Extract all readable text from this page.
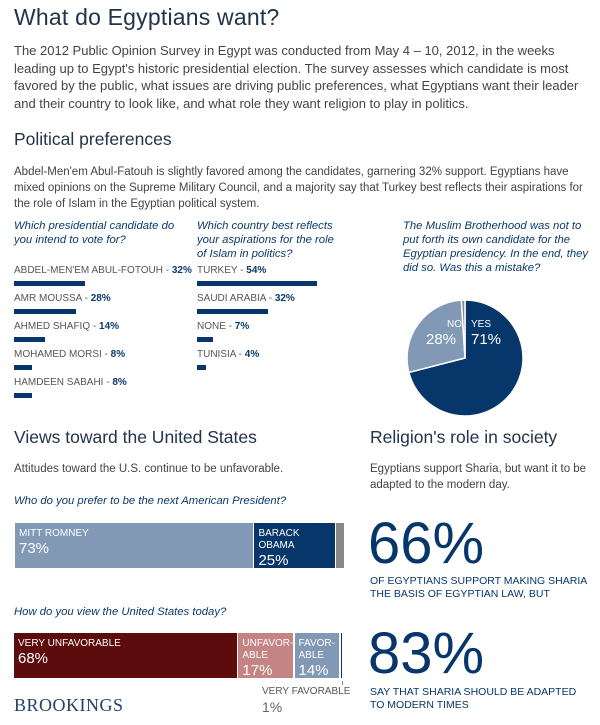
What do Egyptians want?

The 2012 Public Opinion Survey in Egypt was conducted from May 4 – 10, 2012, in the weeks leading up to Egypt's historic presidential election. The survey assesses which candidate is most favored by the public, what issues are driving public preferences, what Egyptians want their leader and their country to look like, and what role they want religion to play in politics.

Political preferences

Abdel-Men'em Abul-Fatouh is slightly favored among the candidates, garnering 32% support. Egyptians have mixed opinions on the Supreme Military Council, and a majority say that Turkey best reflects their aspirations for the role of Islam in the Egyptian political system.

Which presidential candidate do you intend to vote for?
ABDEL-MEN'EM ABUL-FOTOUH - 32%
AMR MOUSSA - 28%
AHMED SHAFIQ - 14%
MOHAMED MORSI - 8%
HAMDEEN SABAHI - 8%
Which country best reflects your aspirations for the role of Islam in politics?
TURKEY - 54%
SAUDI ARABIA - 32%
NONE - 7%
TUNISIA - 4%
The Muslim Brotherhood was not to put forth its own candidate for the Egyptian presidency. In the end, they did so. Was this a mistake?
NO
28%
YES
71%
Views toward the United States

Attitudes toward the U.S. continue to be unfavorable.

Who do you prefer to be the next American President?
MITT ROMNEY
73%
BARACK OBAMA
25%
How do you view the United States today?
VERY UNFAVORABLE
68%
UNFAVOR-ABLE
17%
FAVOR-ABLE
14%
VERY FAVORABLE
1%
Religion's role in society

Egyptians support Sharia, but want it to be adapted to the modern day.

66%
OF EGYPTIANS SUPPORT MAKING SHARIA THE BASIS OF EGYPTIAN LAW, BUT
83%
SAY THAT SHARIA SHOULD BE ADAPTED TO MODERN TIMES
BROOKINGS
